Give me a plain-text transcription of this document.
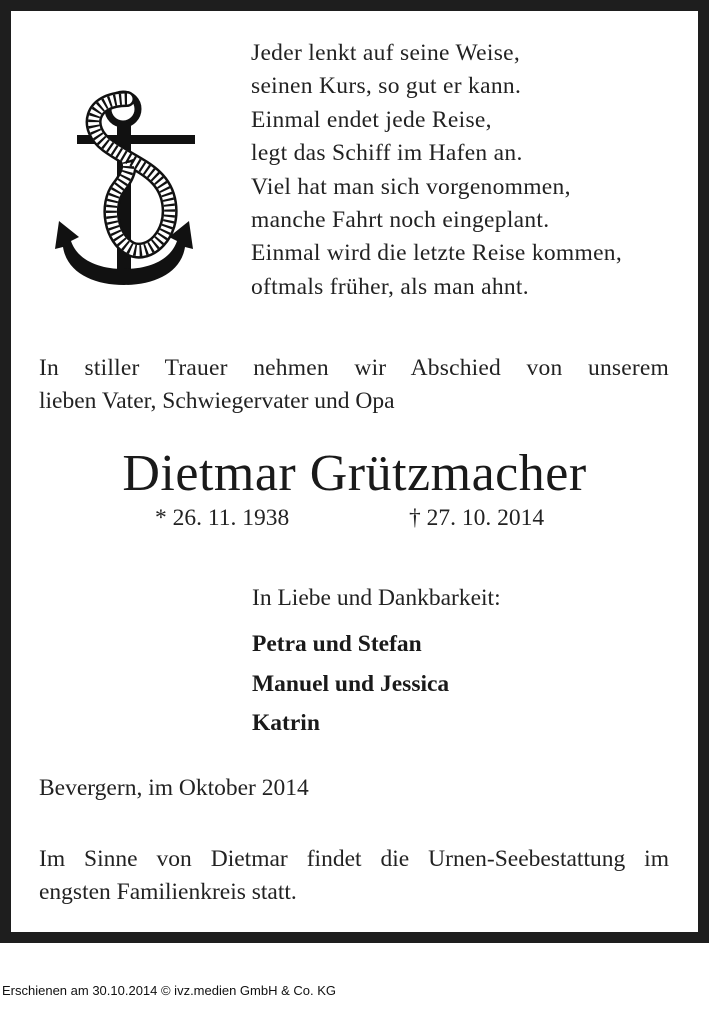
Jeder lenkt auf seine Weise,
seinen Kurs, so gut er kann.
Einmal endet jede Reise,
legt das Schiff im Hafen an.
Viel hat man sich vorgenommen,
manche Fahrt noch eingeplant.
Einmal wird die letzte Reise kommen,
oftmals früher, als man ahnt.
In stiller Trauer nehmen wir Abschied von unserem
lieben Vater, Schwiegervater und Opa
Dietmar Grützmacher
* 26. 11. 1938	† 27. 10. 2014
In Liebe und Dankbarkeit:
Petra und Stefan
Manuel und Jessica
Katrin
Bevergern, im Oktober 2014
Im Sinne von Dietmar findet die Urnen-Seebestattung im
engsten Familienkreis statt.
Erschienen am 30.10.2014 © ivz.medien GmbH & Co. KG
